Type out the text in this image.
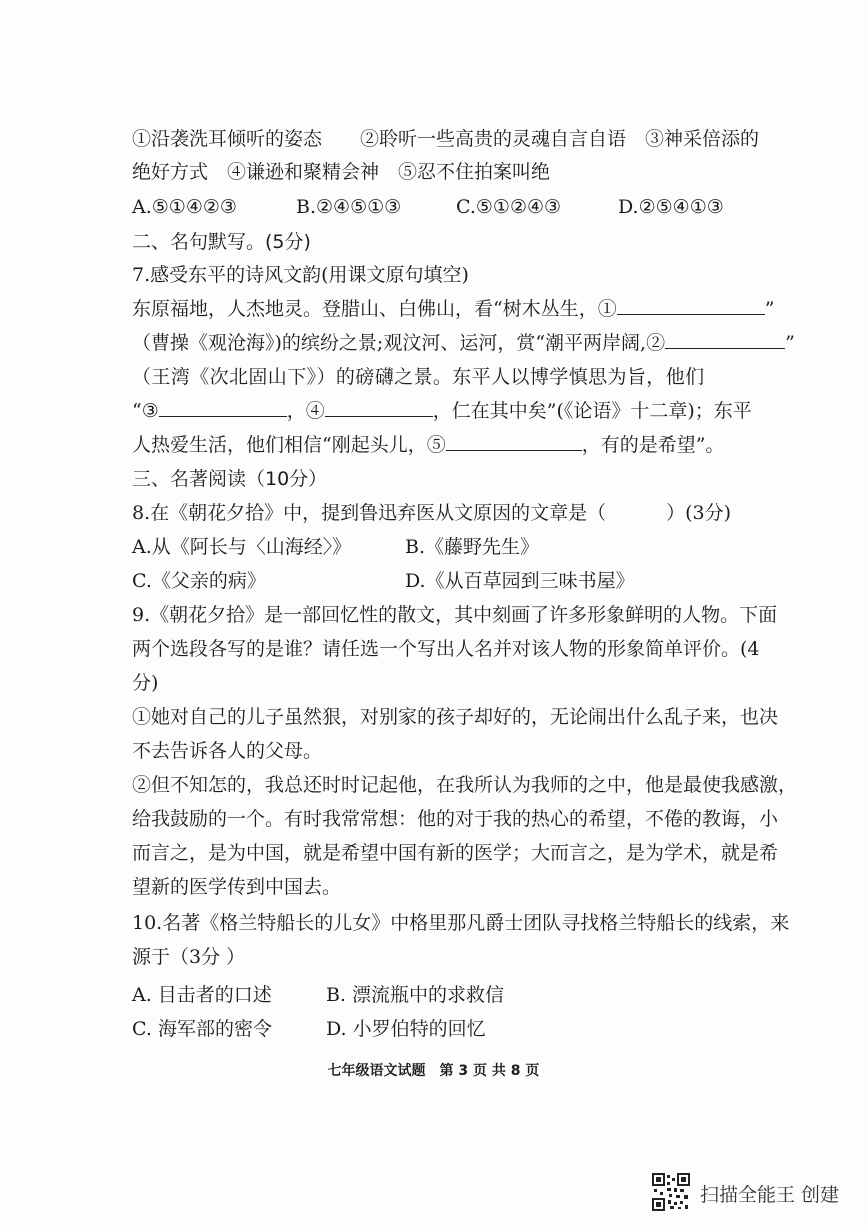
①沿袭洗耳倾听的姿态　　②聆听一些高贵的灵魂自言自语　③神采倍添的
绝好方式　④谦逊和聚精会神　⑤忍不住拍案叫绝
A.⑤①④②③	B.②④⑤①③	C.⑤①②④③	D.②⑤④①③
二、名句默写。(5分)
7.感受东平的诗风文韵(用课文原句填空)
东原福地，人杰地灵。登腊山、白佛山，看“树木丛生，①	”
（曹操《观沧海》)的缤纷之景;观汶河、运河，赏“潮平两岸阔,②	”
（王湾《次北固山下》）的磅礴之景。东平人以博学慎思为旨，他们
“③	，④	，仁在其中矣”(《论语》十二章)；东平
人热爱生活，他们相信“刚起头儿，⑤	，有的是希望”。
三、名著阅读（10分）
8.在《朝花夕拾》中，提到鲁迅弃医从文原因的文章是（	）(3分)
A.从《阿长与〈山海经〉》	B.《藤野先生》
C.《父亲的病》	D.《从百草园到三味书屋》
9.《朝花夕拾》是一部回忆性的散文，其中刻画了许多形象鲜明的人物。下面
两个选段各写的是谁？请任选一个写出人名并对该人物的形象简单评价。(4
分)
①她对自己的儿子虽然狠，对别家的孩子却好的，无论闹出什么乱子来，也决
不去告诉各人的父母。
②但不知怎的，我总还时时记起他，在我所认为我师的之中，他是最使我感激，
给我鼓励的一个。有时我常常想：他的对于我的热心的希望，不倦的教诲，小
而言之，是为中国，就是希望中国有新的医学；大而言之，是为学术，就是希
望新的医学传到中国去。
10.名著《格兰特船长的儿女》中格里那凡爵士团队寻找格兰特船长的线索，来
源于（3分 ）
A. 目击者的口述	B. 漂流瓶中的求救信
C. 海军部的密令	D. 小罗伯特的回忆
七年级语文试题　第 3 页 共 8 页
扫描全能王 创建
